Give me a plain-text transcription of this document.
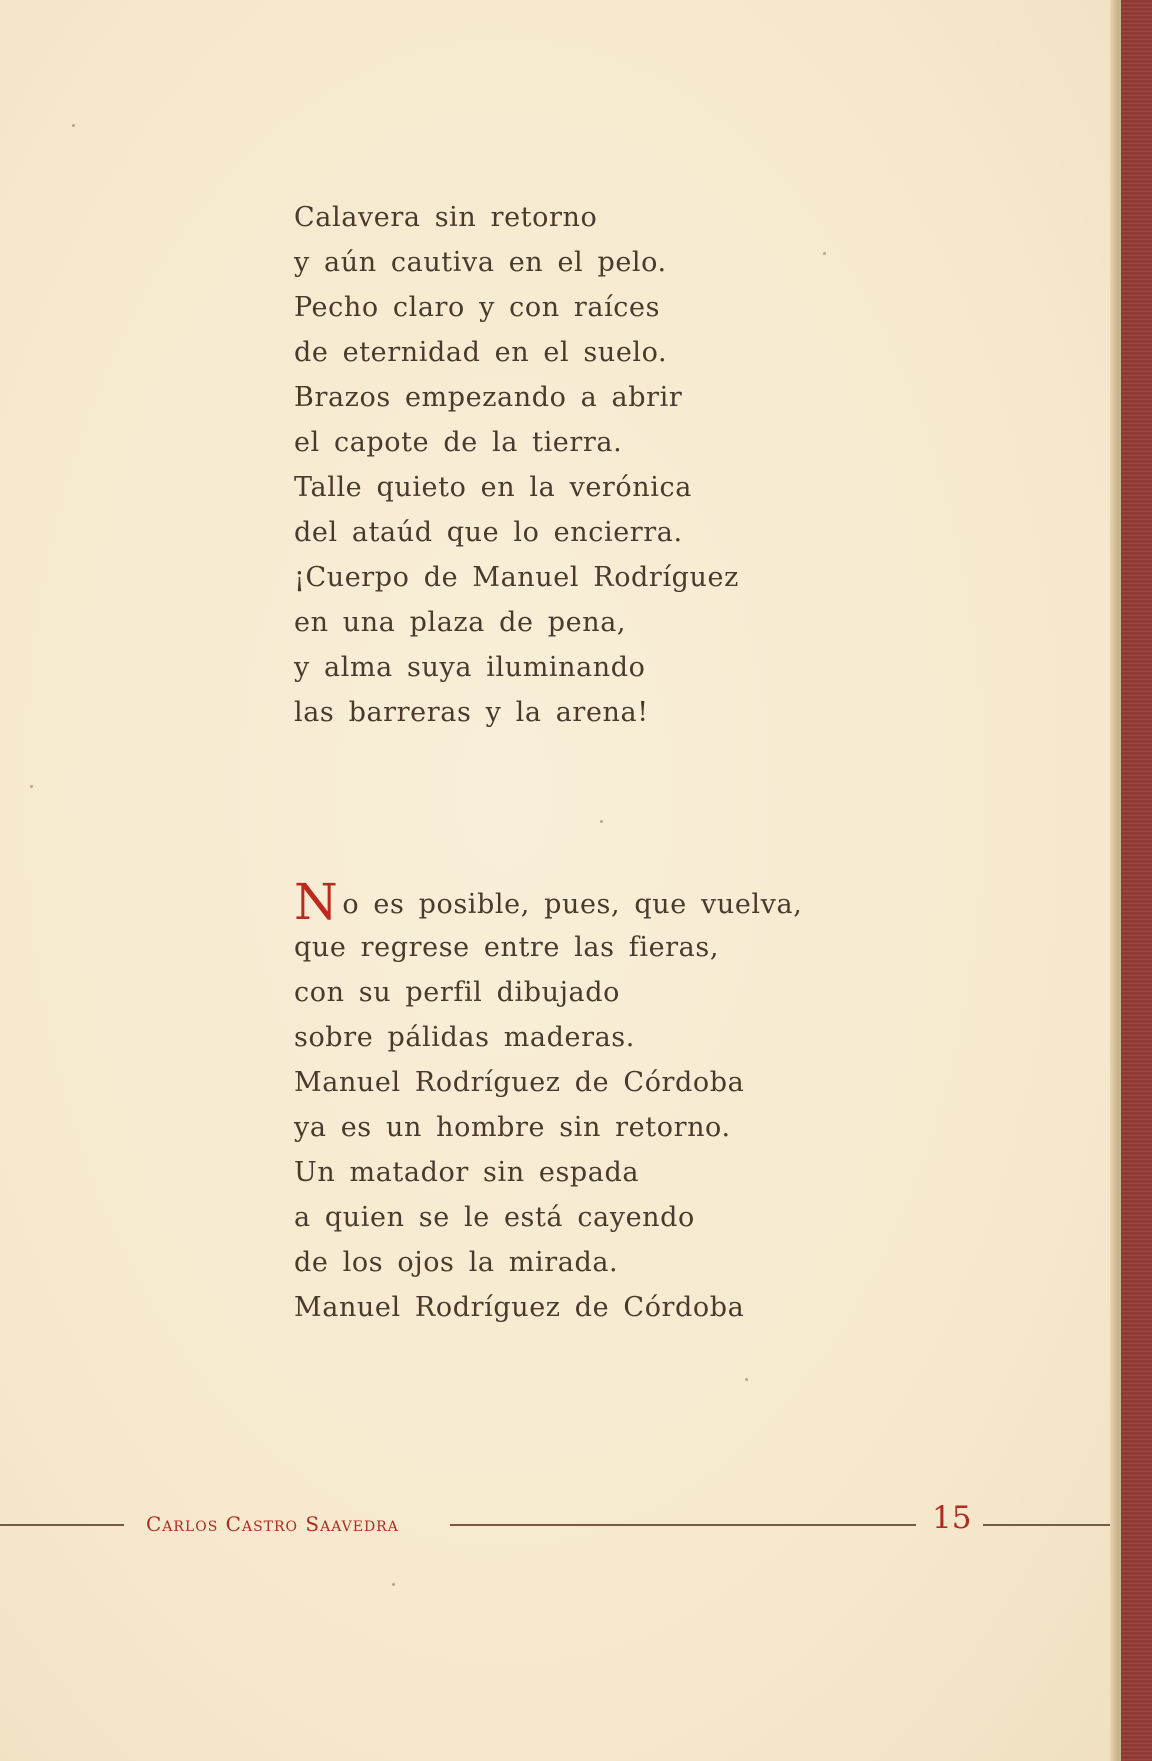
Calavera sin retorno
y aún cautiva en el pelo.
Pecho claro y con raíces
de eternidad en el suelo.
Brazos empezando a abrir
el capote de la tierra.
Talle quieto en la verónica
del ataúd que lo encierra.
¡Cuerpo de Manuel Rodríguez
en una plaza de pena,
y alma suya iluminando
las barreras y la arena!
No es posible, pues, que vuelva,
que regrese entre las fieras,
con su perfil dibujado
sobre pálidas maderas.
Manuel Rodríguez de Córdoba
ya es un hombre sin retorno.
Un matador sin espada
a quien se le está cayendo
de los ojos la mirada.
Manuel Rodríguez de Córdoba
Carlos Castro Saavedra	15
